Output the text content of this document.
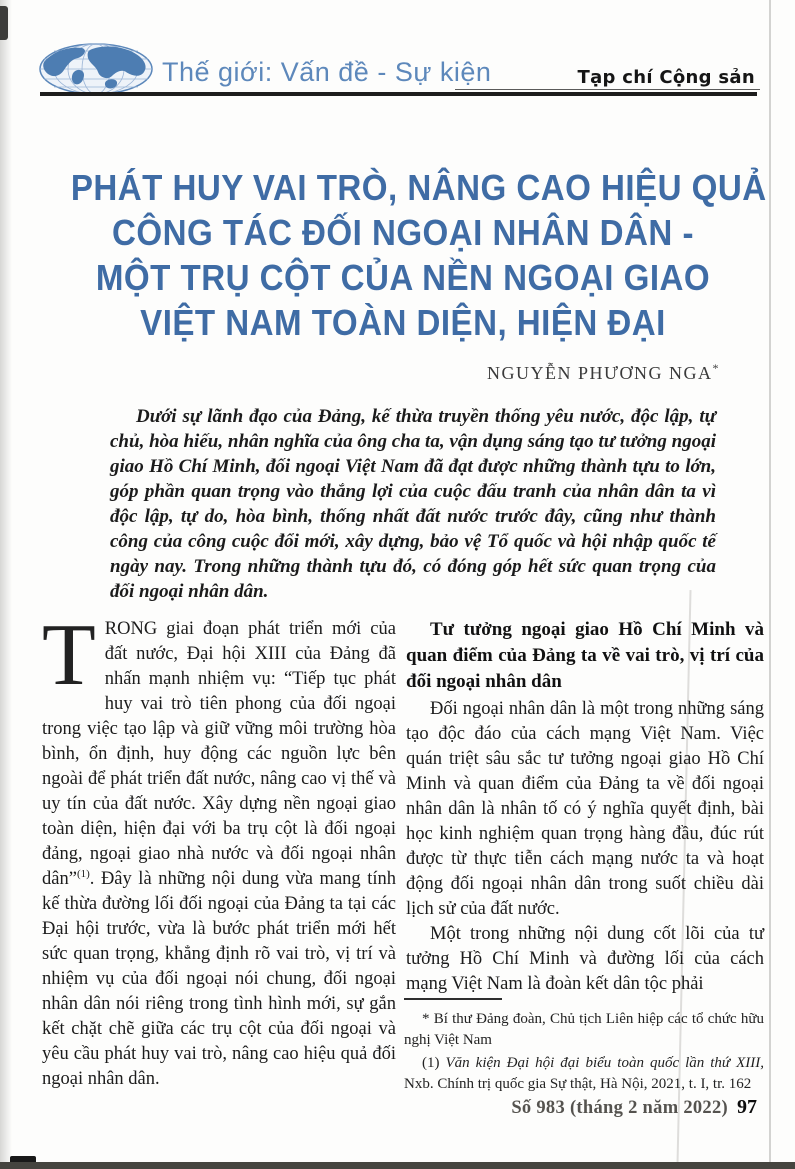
Thế giới: Vấn đề - Sự kiện	Tạp chí Cộng sản
PHÁT HUY VAI TRÒ, NÂNG CAO HIỆU QUẢ
CÔNG TÁC ĐỐI NGOẠI NHÂN DÂN -
MỘT TRỤ CỘT CỦA NỀN NGOẠI GIAO
VIỆT NAM TOÀN DIỆN, HIỆN ĐẠI
NGUYỄN PHƯƠNG NGA*
Dưới sự lãnh đạo của Đảng, kế thừa truyền thống yêu nước, độc lập, tự chủ, hòa hiếu, nhân nghĩa của ông cha ta, vận dụng sáng tạo tư tưởng ngoại giao Hồ Chí Minh, đối ngoại Việt Nam đã đạt được những thành tựu to lớn, góp phần quan trọng vào thắng lợi của cuộc đấu tranh của nhân dân ta vì độc lập, tự do, hòa bình, thống nhất đất nước trước đây, cũng như thành công của công cuộc đổi mới, xây dựng, bảo vệ Tổ quốc và hội nhập quốc tế ngày nay. Trong những thành tựu đó, có đóng góp hết sức quan trọng của đối ngoại nhân dân.

TRONG giai đoạn phát triển mới của đất nước, Đại hội XIII của Đảng đã nhấn mạnh nhiệm vụ: “Tiếp tục phát huy vai trò tiên phong của đối ngoại trong việc tạo lập và giữ vững môi trường hòa bình, ổn định, huy động các nguồn lực bên ngoài để phát triển đất nước, nâng cao vị thế và uy tín của đất nước. Xây dựng nền ngoại giao toàn diện, hiện đại với ba trụ cột là đối ngoại đảng, ngoại giao nhà nước và đối ngoại nhân dân”$^{(1)}$. Đây là những nội dung vừa mang tính kế thừa đường lối đối ngoại của Đảng ta tại các Đại hội trước, vừa là bước phát triển mới hết sức quan trọng, khẳng định rõ vai trò, vị trí và nhiệm vụ của đối ngoại nói chung, đối ngoại nhân dân nói riêng trong tình hình mới, sự gắn kết chặt chẽ giữa các trụ cột của đối ngoại và yêu cầu phát huy vai trò, nâng cao hiệu quả đối ngoại nhân dân.

Tư tưởng ngoại giao Hồ Chí Minh và quan điểm của Đảng ta về vai trò, vị trí của đối ngoại nhân dân

Đối ngoại nhân dân là một trong những sáng tạo độc đáo của cách mạng Việt Nam. Việc quán triệt sâu sắc tư tưởng ngoại giao Hồ Chí Minh và quan điểm của Đảng ta về đối ngoại nhân dân là nhân tố có ý nghĩa quyết định, bài học kinh nghiệm quan trọng hàng đầu, đúc rút được từ thực tiễn cách mạng nước ta và hoạt động đối ngoại nhân dân trong suốt chiều dài lịch sử của đất nước.

Một trong những nội dung cốt lõi của tư tưởng Hồ Chí Minh và đường lối của cách mạng Việt Nam là đoàn kết dân tộc phải

* Bí thư Đảng đoàn, Chủ tịch Liên hiệp các tổ chức hữu nghị Việt Nam

(1) Văn kiện Đại hội đại biểu toàn quốc lần thứ XIII, Nxb. Chính trị quốc gia Sự thật, Hà Nội, 2021, t. I, tr. 162

Số 983 (tháng 2 năm 2022) 97
